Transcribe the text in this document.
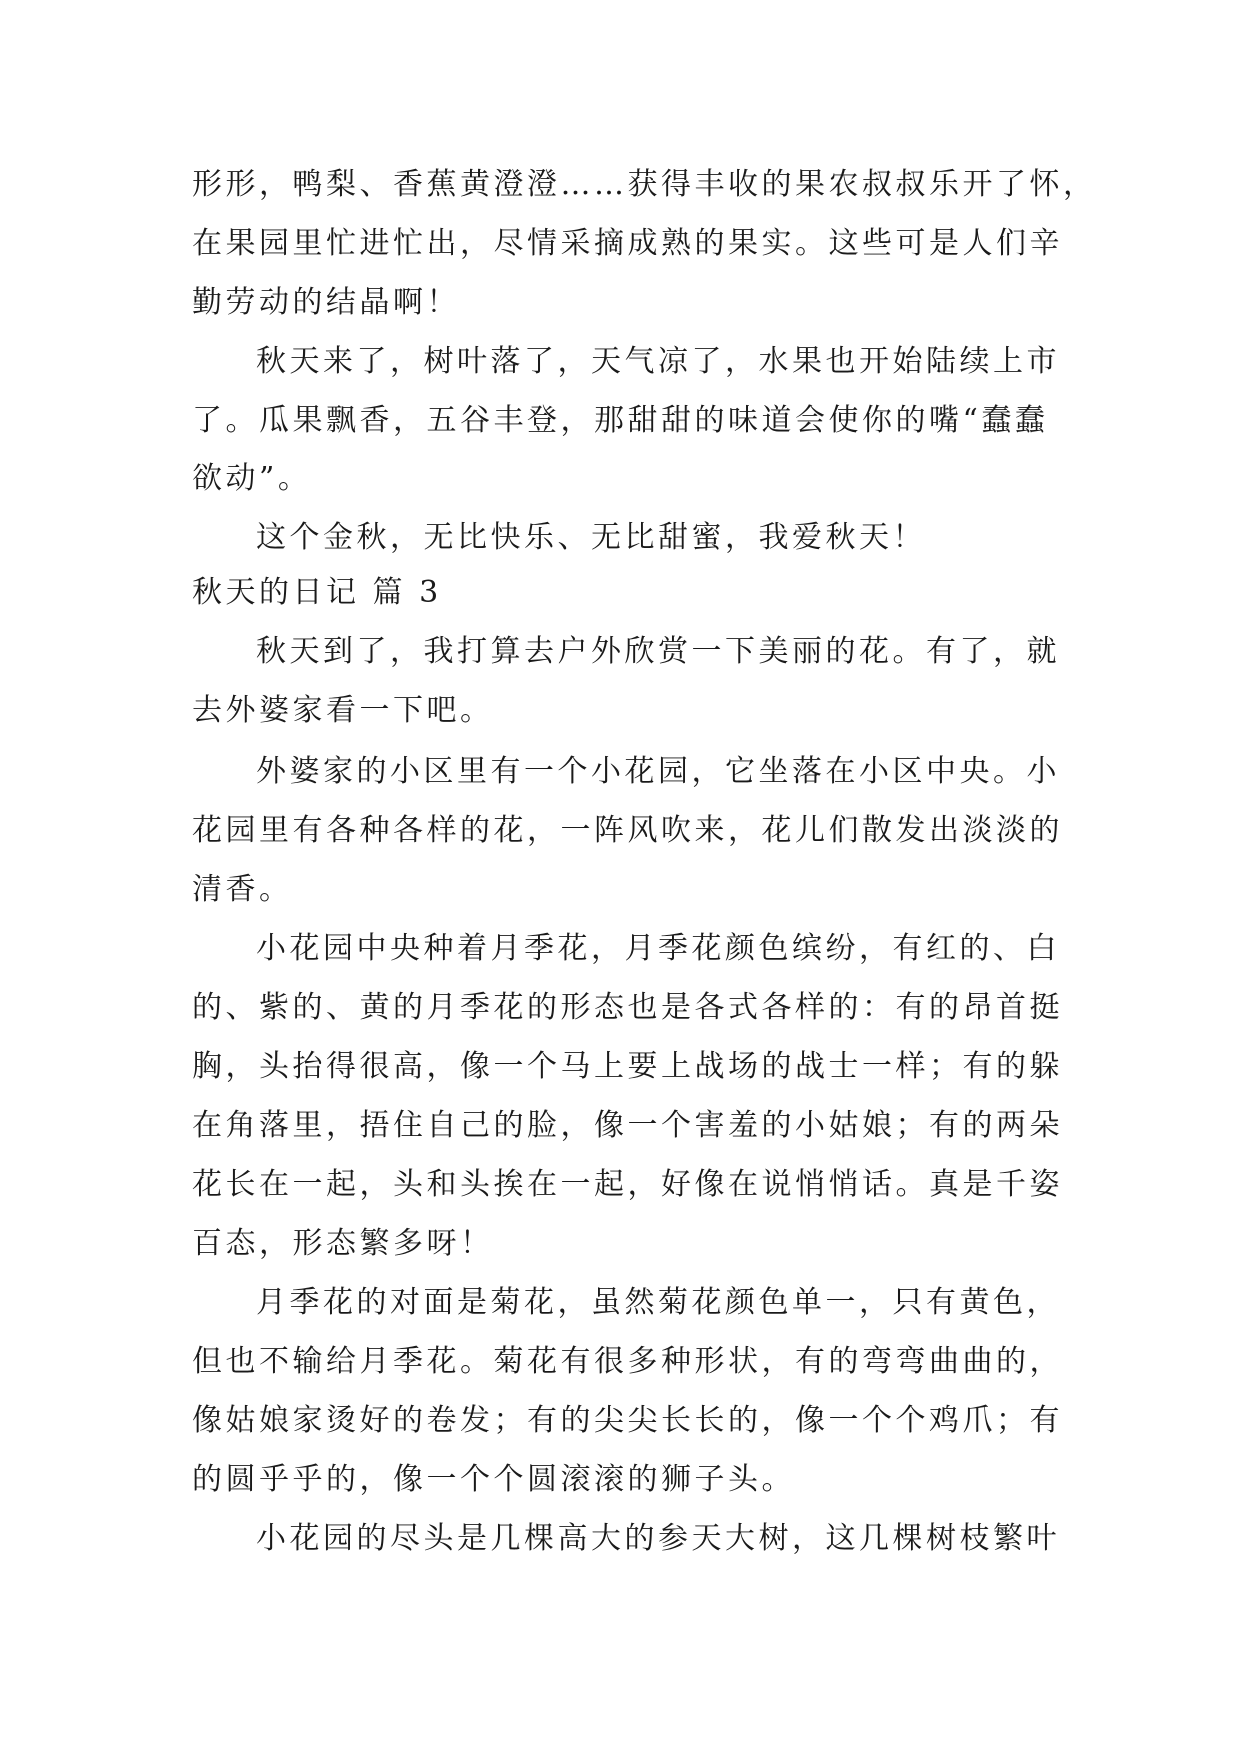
形形，鸭梨、香蕉黄澄澄……获得丰收的果农叔叔乐开了怀，
在果园里忙进忙出，尽情采摘成熟的果实。这些可是人们辛
勤劳动的结晶啊！
秋天来了，树叶落了，天气凉了，水果也开始陆续上市
了。瓜果飘香，五谷丰登，那甜甜的味道会使你的嘴“蠢蠢
欲动”。
这个金秋，无比快乐、无比甜蜜，我爱秋天！
秋天的日记 篇 3
秋天到了，我打算去户外欣赏一下美丽的花。有了，就
去外婆家看一下吧。
外婆家的小区里有一个小花园，它坐落在小区中央。小
花园里有各种各样的花，一阵风吹来，花儿们散发出淡淡的
清香。
小花园中央种着月季花，月季花颜色缤纷，有红的、白
的、紫的、黄的月季花的形态也是各式各样的：有的昂首挺
胸，头抬得很高，像一个马上要上战场的战士一样；有的躲
在角落里，捂住自己的脸，像一个害羞的小姑娘；有的两朵
花长在一起，头和头挨在一起，好像在说悄悄话。真是千姿
百态，形态繁多呀！
月季花的对面是菊花，虽然菊花颜色单一，只有黄色，
但也不输给月季花。菊花有很多种形状，有的弯弯曲曲的，
像姑娘家烫好的卷发；有的尖尖长长的，像一个个鸡爪；有
的圆乎乎的，像一个个圆滚滚的狮子头。
小花园的尽头是几棵高大的参天大树，这几棵树枝繁叶
